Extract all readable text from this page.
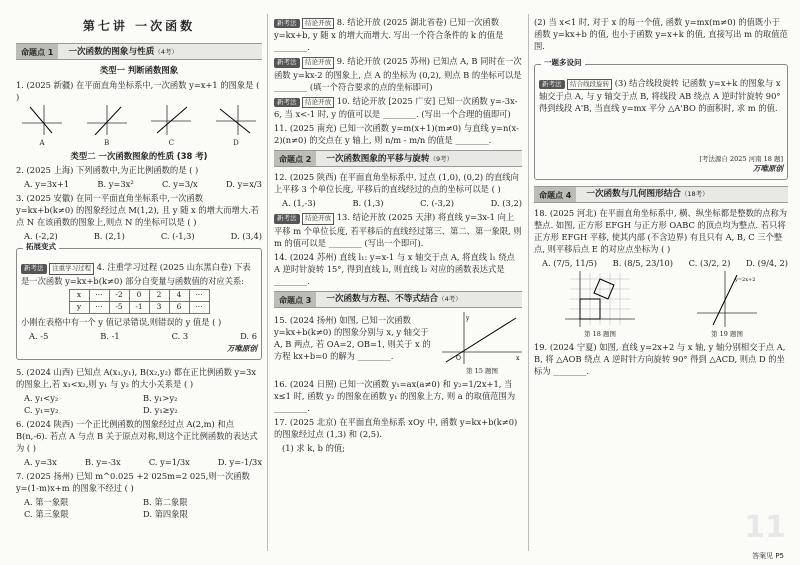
第七讲 一次函数
命题点 1	一次函数的图象与性质（4考）
类型一 判断函数图象
1. (2025 新疆) 在平面直角坐标系中,一次函数 y=x+1 的图象是 ( )
A	B	C	D
类型二 一次函数图象的性质 (38 考)
2. (2025 上海) 下列函数中,为正比例函数的是 ( )
A. y=3x+1	B. y=3x²	C. y=3/x	D. y=x/3
3. (2025 安徽) 在同一平面直角坐标系中,一次函数 y=kx+b(k≠0) 的图象经过点 M(1,2), 且 y 随 x 的增大而增大.若点 N 在该函数的图象上,则点 N 的坐标可以是 ( )
A. (-2,2)	B. (2,1)	C. (-1,3)	D. (3,4)
拓展变式
新考法 注重学习过程 4. 注重学习过程 (2025 山东黑白卷) 下表是一次函数 y=kx+b(k≠0) 部分自变量与函数值的对应关系:
x	···	-2	0	2	4	···
y	···	-5	-1	3	6	···
小刚在表格中有一个 y 值记录错误,则错误的 y 值是 ( )
A. -5	B. -1	C. 3	D. 6
万唯原创
5. (2024 山西) 已知点 A(x₁,y₁), B(x₂,y₂) 都在正比例函数 y=3x 的图象上,若 x₁<x₂,则 y₁ 与 y₂ 的大小关系是 ( )
A. y₁<y₂	B. y₁>y₂
C. y₁=y₂	D. y₁≥y₂
6. (2024 陕西) 一个正比例函数的图象经过点 A(2,m) 和点 B(n,-6). 若点 A 与点 B 关于原点对称,则这个正比例函数的表达式为 ( )
A. y=3x	B. y=-3x	C. y=1/3x	D. y=-1/3x
7. (2025 扬州) 已知 m^0.025 +2 025m=2 025,则一次函数 y=(1-m)x+m 的图象不经过 ( )
A. 第一象限	B. 第二象限
C. 第三象限	D. 第四象限
新考法 结论开放 8. 结论开放 (2025 湖北省卷) 已知一次函数 y=kx+b, y 随 x 的增大而增大. 写出一个符合条件的 k 的值是 ________.
新考法 结论开放 9. 结论开放 (2025 苏州) 已知点 A, B 同时在一次函数 y=kx-2 的图象上, 点 A 的坐标为 (0,2), 则点 B 的坐标可以是 ________ (填一个符合要求的点的坐标即可)
新考法 结论开放 10. 结论开放 [2025 广安] 已知一次函数 y=-3x-6, 当 x<-1 时, y 的值可以是 ________. (写出一个合理的值即可)
11. (2025 南充) 已知一次函数 y=m(x+1)(m≠0) 与直线 y=n(x-2)(n≠0) 的交点在 y 轴上, 则 n/m - m/n 的值是 ________.
命题点 2	一次函数图象的平移与旋转（9考）
12. (2025 陕西) 在平面直角坐标系中, 过点 (1,0), (0,2) 的直线向上平移 3 个单位长度, 平移后的直线经过的点的坐标可以是 ( )
A. (1,-3)	B. (1,3)	C. (-3,2)	D. (3,2)
新考法 结论开放 13. 结论开放 (2025 天津) 将直线 y=3x-1 向上平移 m 个单位长度, 若平移后的直线经过第三、第二、第一象限, 则 m 的值可以是 ________ (写出一个即可).
14. (2024 苏州) 直线 l₁: y=x-1 与 x 轴交于点 A, 将直线 l₁ 绕点 A 逆时针旋转 15°, 得到直线 l₂, 则直线 l₂ 对应的函数表达式是 ________.
命题点 3	一次函数与方程、不等式结合（4考）
15. (2024 扬州) 如图, 已知一次函数 y=kx+b(k≠0) 的图象分别与 x, y 轴交于 A, B 两点, 若 OA=2, OB=1, 则关于 x 的方程 kx+b=0 的解为 ________.
y
x
O
第 15 题图
16. (2024 日照) 已知一次函数 y₁=ax(a≠0) 和 y₂=1/2x+1, 当 x≤1 时, 函数 y₂ 的图象在函数 y₁ 的图象上方, 则 a 的取值范围为 ________.
17. (2025 北京) 在平面直角坐标系 xOy 中, 函数 y=kx+b(k≠0) 的图象经过点 (1,3) 和 (2,5).
(1) 求 k, b 的值;
(2) 当 x<1 时, 对于 x 的每一个值, 函数 y=mx(m≠0) 的值既小于函数 y=kx+b 的值, 也小于函数 y=x+k 的值, 直接写出 m 的取值范围.
一题多设问
新考法 结合线段旋转 (3) 结合线段旋转 记函数 y=x+k 的图象与 x 轴交于点 A, 与 y 轴交于点 B, 将线段 AB 绕点 A 逆时针旋转 90° 得到线段 A'B, 当直线 y=mx 平分 △A'BO 的面积时, 求 m 的值.
[考法源自 2025 河南 18 题]
万唯原创
命题点 4	一次函数与几何图形结合（18考）
18. (2025 河北) 在平面直角坐标系中, 横、纵坐标都是整数的点称为整点. 如图, 正方形 EFGH 与正方形 OABC 的顶点均为整点. 若只将正方形 EFGH 平移, 使其内部 (不含边界) 有且只有 A, B, C 三个整点, 则平移后点 E 的对应点坐标为 ( )
A. (7/5, 11/5) B. (8/5, 23/10) C. (3/2, 2) D. (9/4, 2)
第 18 题图
y=2x+2
第 19 题图
19. (2024 宁夏) 如图, 直线 y=2x+2 与 x 轴, y 轴分别相交于点 A, B, 将 △AOB 绕点 A 逆时针方向旋转 90° 得到 △ACD, 则点 D 的坐标为 ________.
11
答案见 P5
